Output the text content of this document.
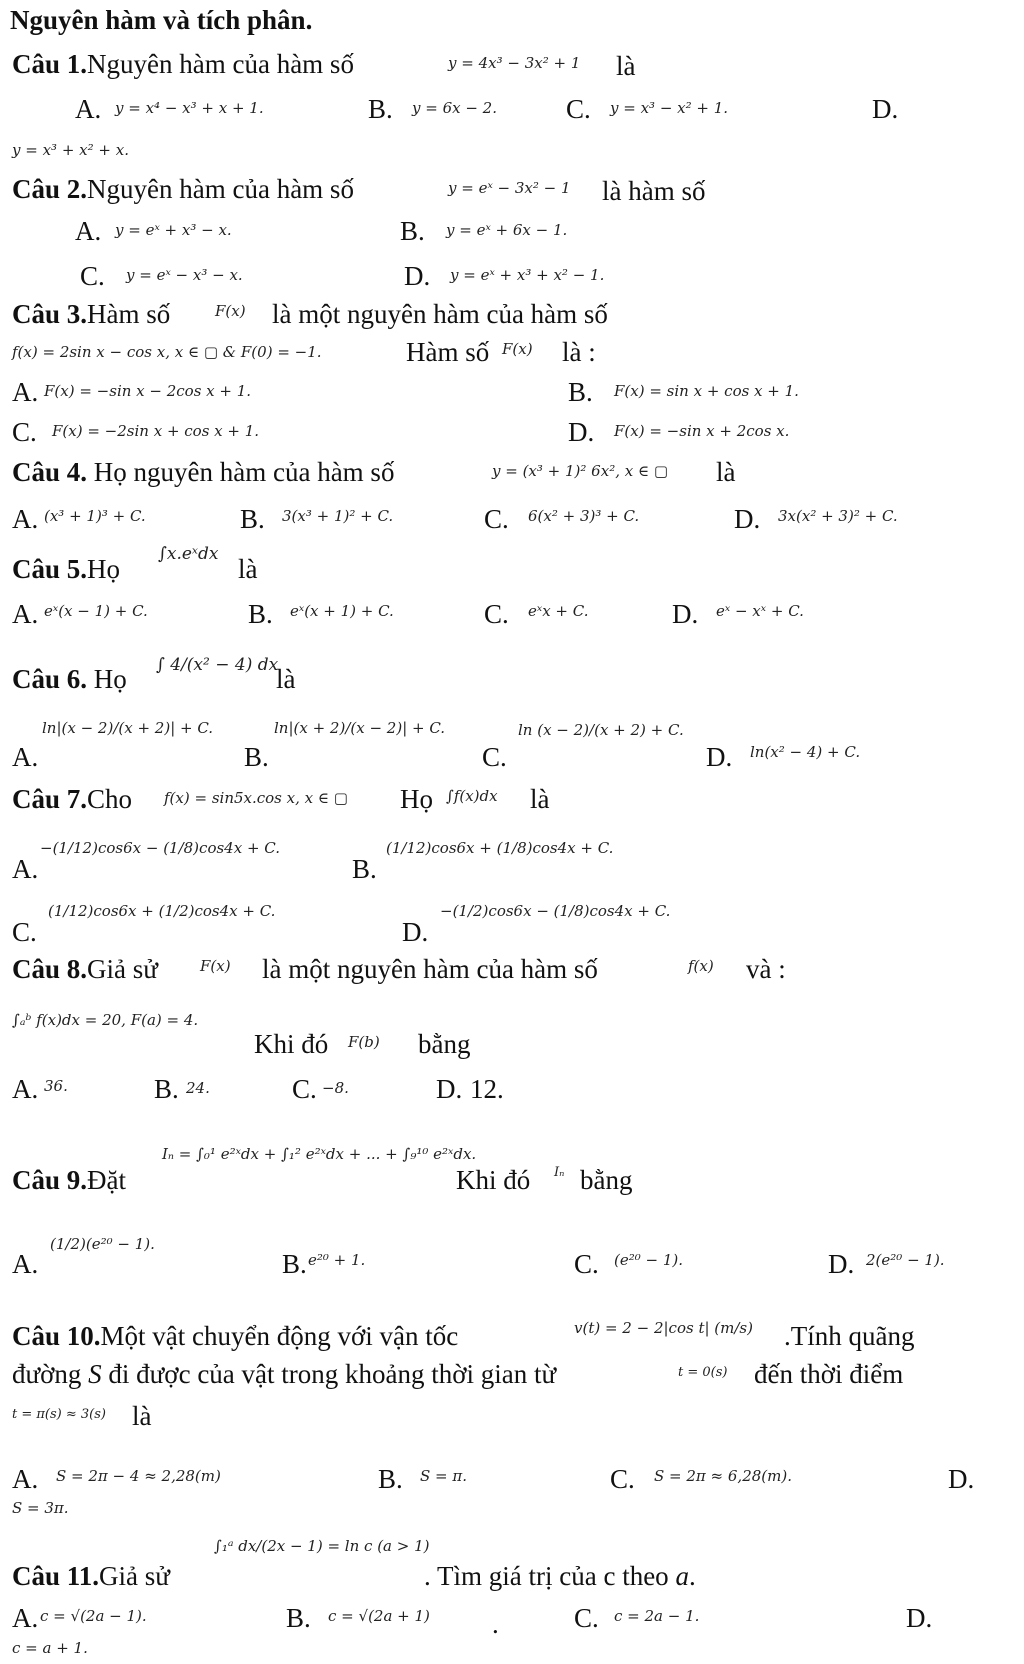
Nguyên hàm và tích phân.
Câu 1.Nguyên hàm của hàm số	y = 4x³ − 3x² + 1 là
A. y = x⁴ − x³ + x + 1.	B. y = 6x − 2.	C. y = x³ − x² + 1.	D.
y = x³ + x² + x.
Câu 2.Nguyên hàm của hàm số	y = eˣ − 3x² − 1 là hàm số
A. y = eˣ + x³ − x.	B. y = eˣ + 6x − 1.
C. y = eˣ − x³ − x.	D. y = eˣ + x³ + x² − 1.
Câu 3.Hàm số	F(x) là một nguyên hàm của hàm số
f(x) = 2sin x − cos x, x ∈ ▢ & F(0) = −1.	Hàm số F(x) là :
A. F(x) = −sin x − 2cos x + 1.	B. F(x) = sin x + cos x + 1.
C. F(x) = −2sin x + cos x + 1.	D. F(x) = −sin x + 2cos x.
Câu 4. Họ nguyên hàm của hàm số	y = (x³ + 1)² 6x², x ∈ ▢ là
A. (x³ + 1)³ + C.	B. 3(x³ + 1)² + C.	C. 6(x² + 3)³ + C.	D. 3x(x² + 3)² + C.
Câu 5.Họ ∫x.eˣdx là
A. eˣ(x − 1) + C.	B. eˣ(x + 1) + C.	C. eˣx + C.	D. eˣ − xˣ + C.
Câu 6. Họ ∫ 4/(x² − 4) dx
là
A.
ln|(x − 2)/(x + 2)| + C.
B.
ln|(x + 2)/(x − 2)| + C.
C.
ln (x − 2)/(x + 2) + C.
D. ln(x² − 4) + C.
Câu 7.Cho f(x) = sin5x.cos x, x ∈ ▢ Họ ∫f(x)dx là
A.
−(1/12)cos6x − (1/8)cos4x + C.
B.
(1/12)cos6x + (1/8)cos4x + C.
C.
(1/12)cos6x + (1/2)cos4x + C.
D.
−(1/2)cos6x − (1/8)cos4x + C.
Câu 8.Giả sử	F(x) là một nguyên hàm của hàm số	f(x) và :
∫ₐᵇ f(x)dx = 20, F(a) = 4.
Khi đó F(b) bằng
A. 36.	B. 24.	C. −8.	D. 12.
Câu 9.Đặt
Iₙ = ∫₀¹ e²ˣdx + ∫₁² e²ˣdx + ... + ∫₉¹⁰ e²ˣdx.
Khi đó Iₙ bằng
A.
(1/2)(e²⁰ − 1).
B. e²⁰ + 1.	C. (e²⁰ − 1).	D. 2(e²⁰ − 1).
Câu 10.Một vật chuyển động với vận tốc	v(t) = 2 − 2|cos t| (m/s) .Tính quãng
đường S đi được của vật trong khoảng thời gian từ	t = 0(s) đến thời điểm
t = π(s) ≈ 3(s) là
A. S = 2π − 4 ≈ 2,28(m)	B. S = π.	C. S = 2π ≈ 6,28(m).	D.
S = 3π.
Câu 11.Giả sử
∫₁ᵃ dx/(2x − 1) = ln c (a > 1)
. Tìm giá trị của c theo a.
A. c = √(2a − 1).	B. c = √(2a + 1) .	C. c = 2a − 1.	D.
c = a + 1.
